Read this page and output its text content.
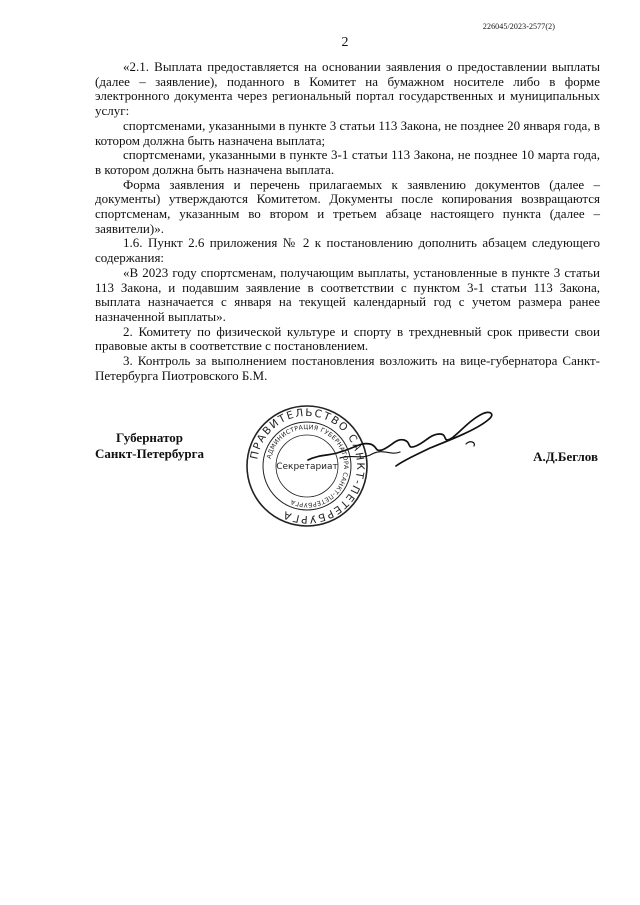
226045/2023-2577(2)
2

«2.1. Выплата предоставляется на основании заявления о предоставлении выплаты (далее – заявление), поданного в Комитет на бумажном носителе либо в форме электронного документа через региональный портал государственных и муниципальных услуг:

спортсменами, указанными в пункте 3 статьи 113 Закона, не позднее 20 января года, в котором должна быть назначена выплата;

спортсменами, указанными в пункте 3-1 статьи 113 Закона, не позднее 10 марта года, в котором должна быть назначена выплата.

Форма заявления и перечень прилагаемых к заявлению документов (далее – документы) утверждаются Комитетом. Документы после копирования возвращаются спортсменам, указанным во втором и третьем абзаце настоящего пункта (далее – заявители)».

1.6. Пункт 2.6 приложения № 2 к постановлению дополнить абзацем следующего содержания:

«В 2023 году спортсменам, получающим выплаты, установленные в пункте 3 статьи 113 Закона, и подавшим заявление в соответствии с пунктом 3-1 статьи 113 Закона, выплата назначается с января на текущей календарный год с учетом размера ранее назначенной выплаты».

2. Комитету по физической культуре и спорту в трехдневный срок привести свои правовые акты в соответствие с постановлением.

3. Контроль за выполнением постановления возложить на вице-губернатора Санкт-Петербурга Пиотровского Б.М.

Губернатор
Санкт-Петербурга	А.Д.Беглов
ПРАВИТЕЛЬСТВО САНКТ-ПЕТЕРБУРГА
АДМИНИСТРАЦИЯ ГУБЕРНАТОРА САНКТ-ПЕТЕРБУРГА
Секретариат
